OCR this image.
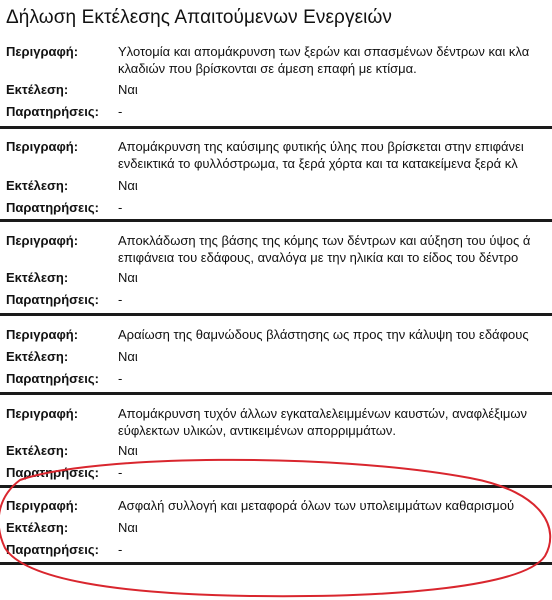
Δήλωση Εκτέλεσης Απαιτούμενων Ενεργειών
Περιγραφή:	Υλοτομία και απομάκρυνση των ξερών και σπασμένων δέντρων και κλα
κλαδιών που βρίσκονται σε άμεση επαφή με κτίσμα.
Εκτέλεση:	Ναι
Παρατηρήσεις: -
Περιγραφή:	Απομάκρυνση της καύσιμης φυτικής ύλης που βρίσκεται στην επιφάνει
ενδεικτικά το φυλλόστρωμα, τα ξερά χόρτα και τα κατακείμενα ξερά κλ
Εκτέλεση:	Ναι
Παρατηρήσεις: -
Περιγραφή:	Αποκλάδωση της βάσης της κόμης των δέντρων και αύξηση του ύψος ά
επιφάνεια του εδάφους, αναλόγα με την ηλικία και το είδος του δέντρο
Εκτέλεση:	Ναι
Παρατηρήσεις: -
Περιγραφή:	Αραίωση της θαμνώδους βλάστησης ως προς την κάλυψη του εδάφους
Εκτέλεση:	Ναι
Παρατηρήσεις: -
Περιγραφή:	Απομάκρυνση τυχόν άλλων εγκαταλελειμμένων καυστών, αναφλέξιμων
εύφλεκτων υλικών, αντικειμένων απορριμμάτων.
Εκτέλεση:	Ναι
Παρατηρήσεις: -
Περιγραφή:	Ασφαλή συλλογή και μεταφορά όλων των υπολειμμάτων καθαρισμού
Εκτέλεση:	Ναι
Παρατηρήσεις: -
